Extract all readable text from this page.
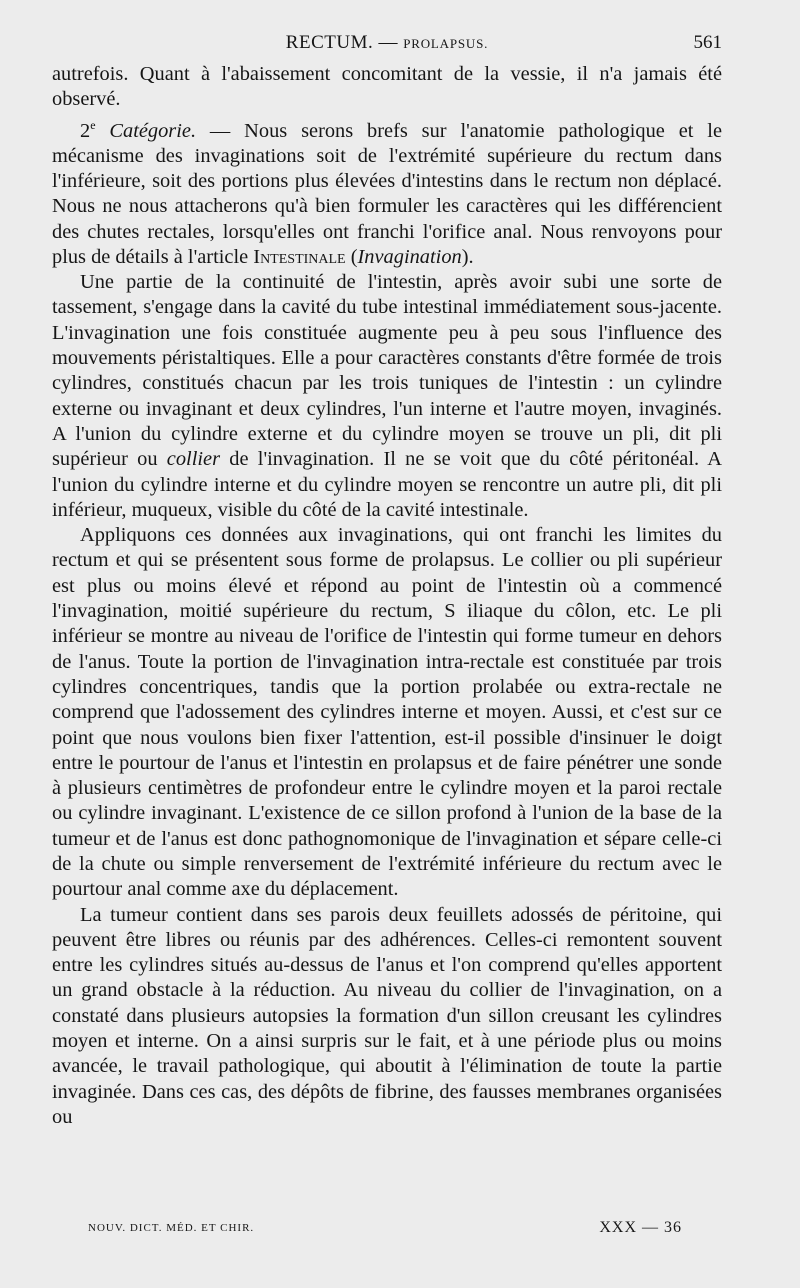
RECTUM. — PROLAPSUS.	561

autrefois. Quant à l'abaissement concomitant de la vessie, il n'a jamais été observé.

2e Catégorie. — Nous serons brefs sur l'anatomie pathologique et le mécanisme des invaginations soit de l'extrémité supérieure du rectum dans l'inférieure, soit des portions plus élevées d'intestins dans le rectum non déplacé. Nous ne nous attacherons qu'à bien formuler les caractères qui les différencient des chutes rectales, lorsqu'elles ont franchi l'orifice anal. Nous renvoyons pour plus de détails à l'article Intestinale (Invagination).

Une partie de la continuité de l'intestin, après avoir subi une sorte de tassement, s'engage dans la cavité du tube intestinal immédiatement sous-jacente. L'invagination une fois constituée augmente peu à peu sous l'influence des mouvements péristaltiques. Elle a pour caractères constants d'être formée de trois cylindres, constitués chacun par les trois tuniques de l'intestin : un cylindre externe ou invaginant et deux cylindres, l'un interne et l'autre moyen, invaginés. A l'union du cylindre externe et du cylindre moyen se trouve un pli, dit pli supérieur ou collier de l'invagination. Il ne se voit que du côté péritonéal. A l'union du cylindre interne et du cylindre moyen se rencontre un autre pli, dit pli inférieur, muqueux, visible du côté de la cavité intestinale.

Appliquons ces données aux invaginations, qui ont franchi les limites du rectum et qui se présentent sous forme de prolapsus. Le collier ou pli supérieur est plus ou moins élevé et répond au point de l'intestin où a commencé l'invagination, moitié supérieure du rectum, S iliaque du côlon, etc. Le pli inférieur se montre au niveau de l'orifice de l'intestin qui forme tumeur en dehors de l'anus. Toute la portion de l'invagination intra-rectale est constituée par trois cylindres concentriques, tandis que la portion prolabée ou extra-rectale ne comprend que l'adossement des cylindres interne et moyen. Aussi, et c'est sur ce point que nous voulons bien fixer l'attention, est-il possible d'insinuer le doigt entre le pourtour de l'anus et l'intestin en prolapsus et de faire pénétrer une sonde à plusieurs centimètres de profondeur entre le cylindre moyen et la paroi rectale ou cylindre invaginant. L'existence de ce sillon profond à l'union de la base de la tumeur et de l'anus est donc pathognomonique de l'invagination et sépare celle-ci de la chute ou simple renversement de l'extrémité inférieure du rectum avec le pourtour anal comme axe du déplacement.

La tumeur contient dans ses parois deux feuillets adossés de péritoine, qui peuvent être libres ou réunis par des adhérences. Celles-ci remontent souvent entre les cylindres situés au-dessus de l'anus et l'on comprend qu'elles apportent un grand obstacle à la réduction. Au niveau du collier de l'invagination, on a constaté dans plusieurs autopsies la formation d'un sillon creusant les cylindres moyen et interne. On a ainsi surpris sur le fait, et à une période plus ou moins avancée, le travail pathologique, qui aboutit à l'élimination de toute la partie invaginée. Dans ces cas, des dépôts de fibrine, des fausses membranes organisées ou

NOUV. DICT. MÉD. ET CHIR.	XXX — 36
